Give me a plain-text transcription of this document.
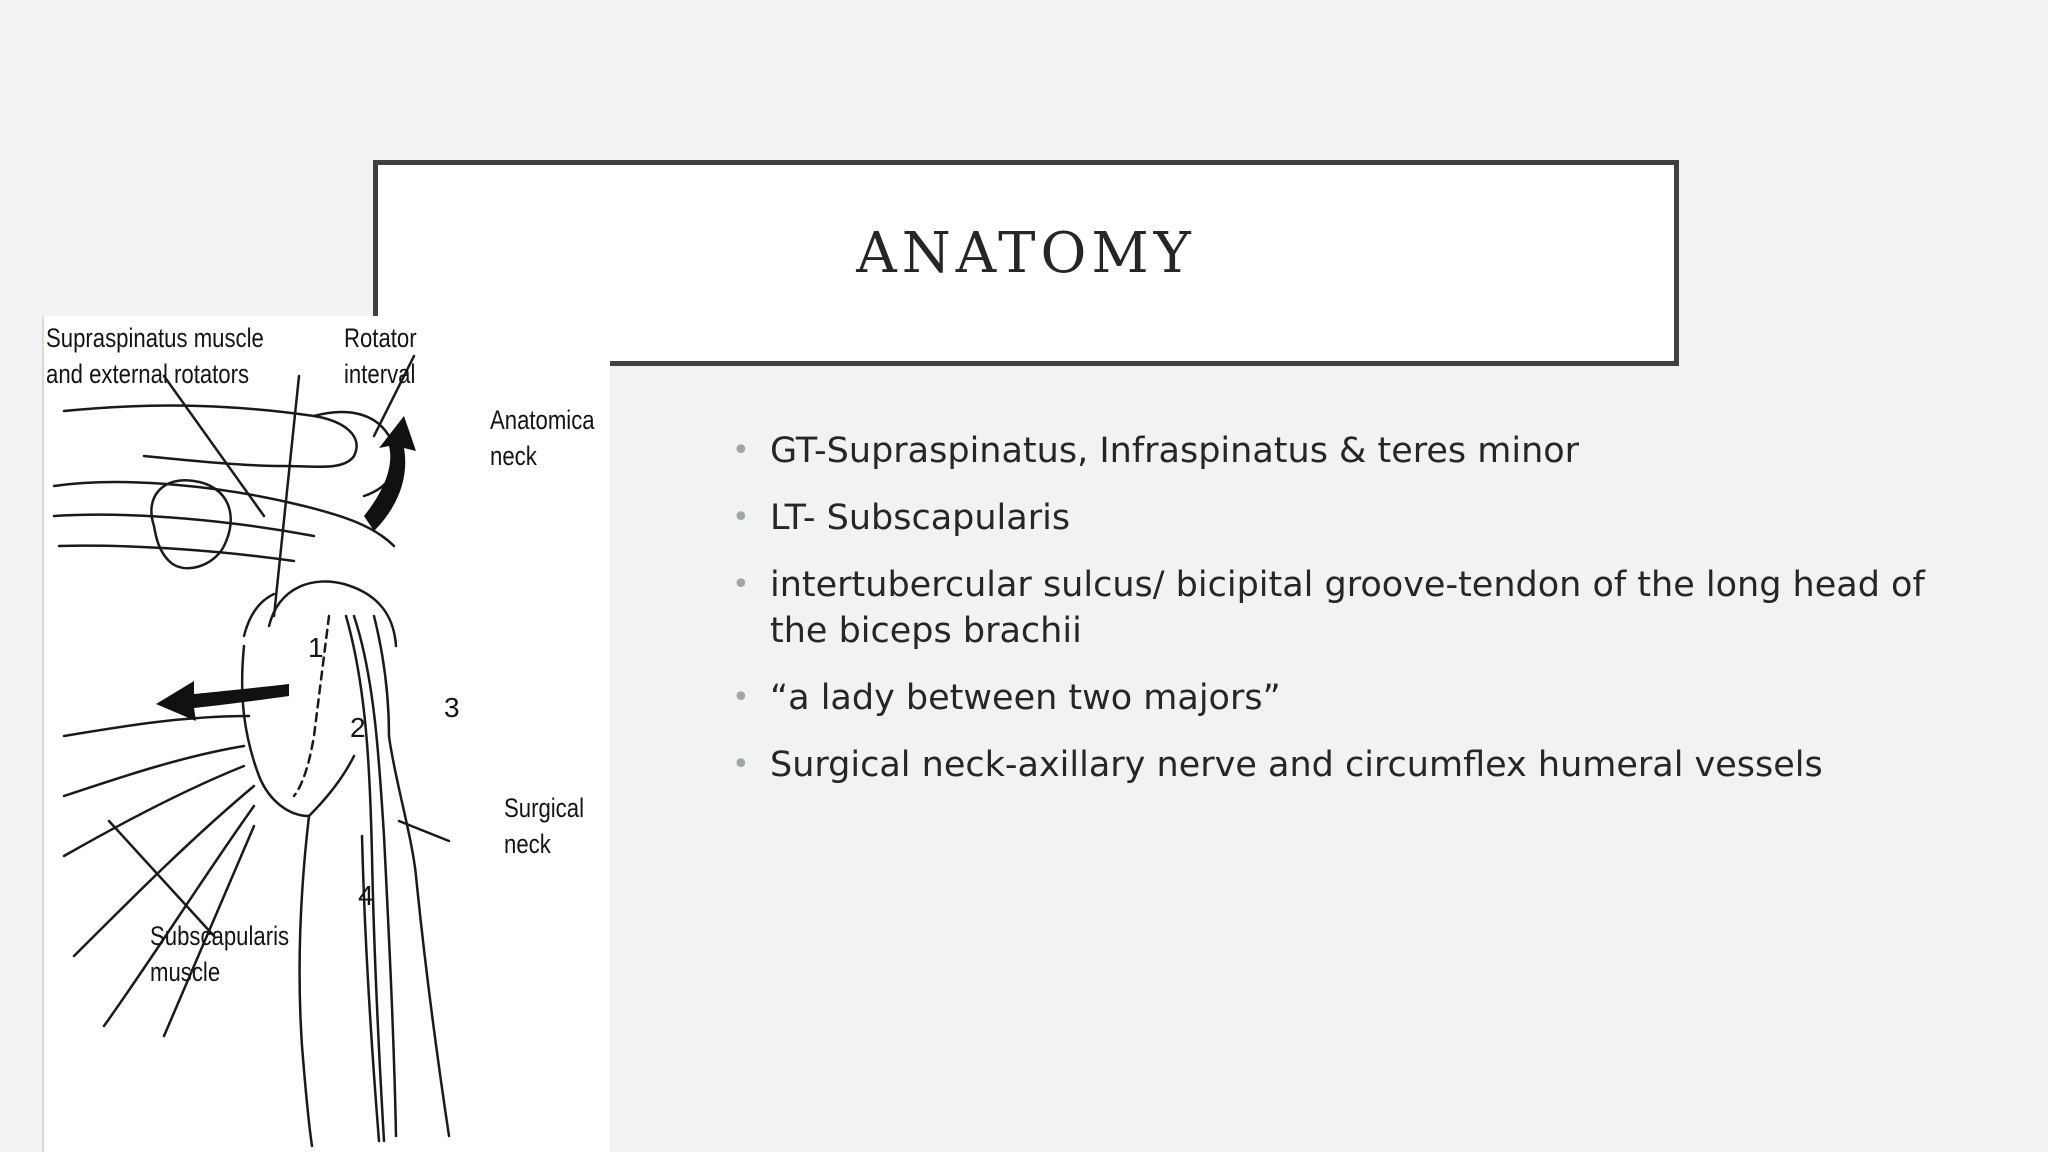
ANATOMY
Supraspinatus muscle
and external rotators
Rotator
interval
Anatomica
neck
Surgical
neck
Subscapularis
muscle
1
2
3
4
• GT-Supraspinatus, Infraspinatus & teres minor
• LT- Subscapularis
• intertubercular sulcus/ bicipital groove-tendon of the long head of the biceps brachii
• “a lady between two majors”
• Surgical neck-axillary nerve and circumflex humeral vessels
